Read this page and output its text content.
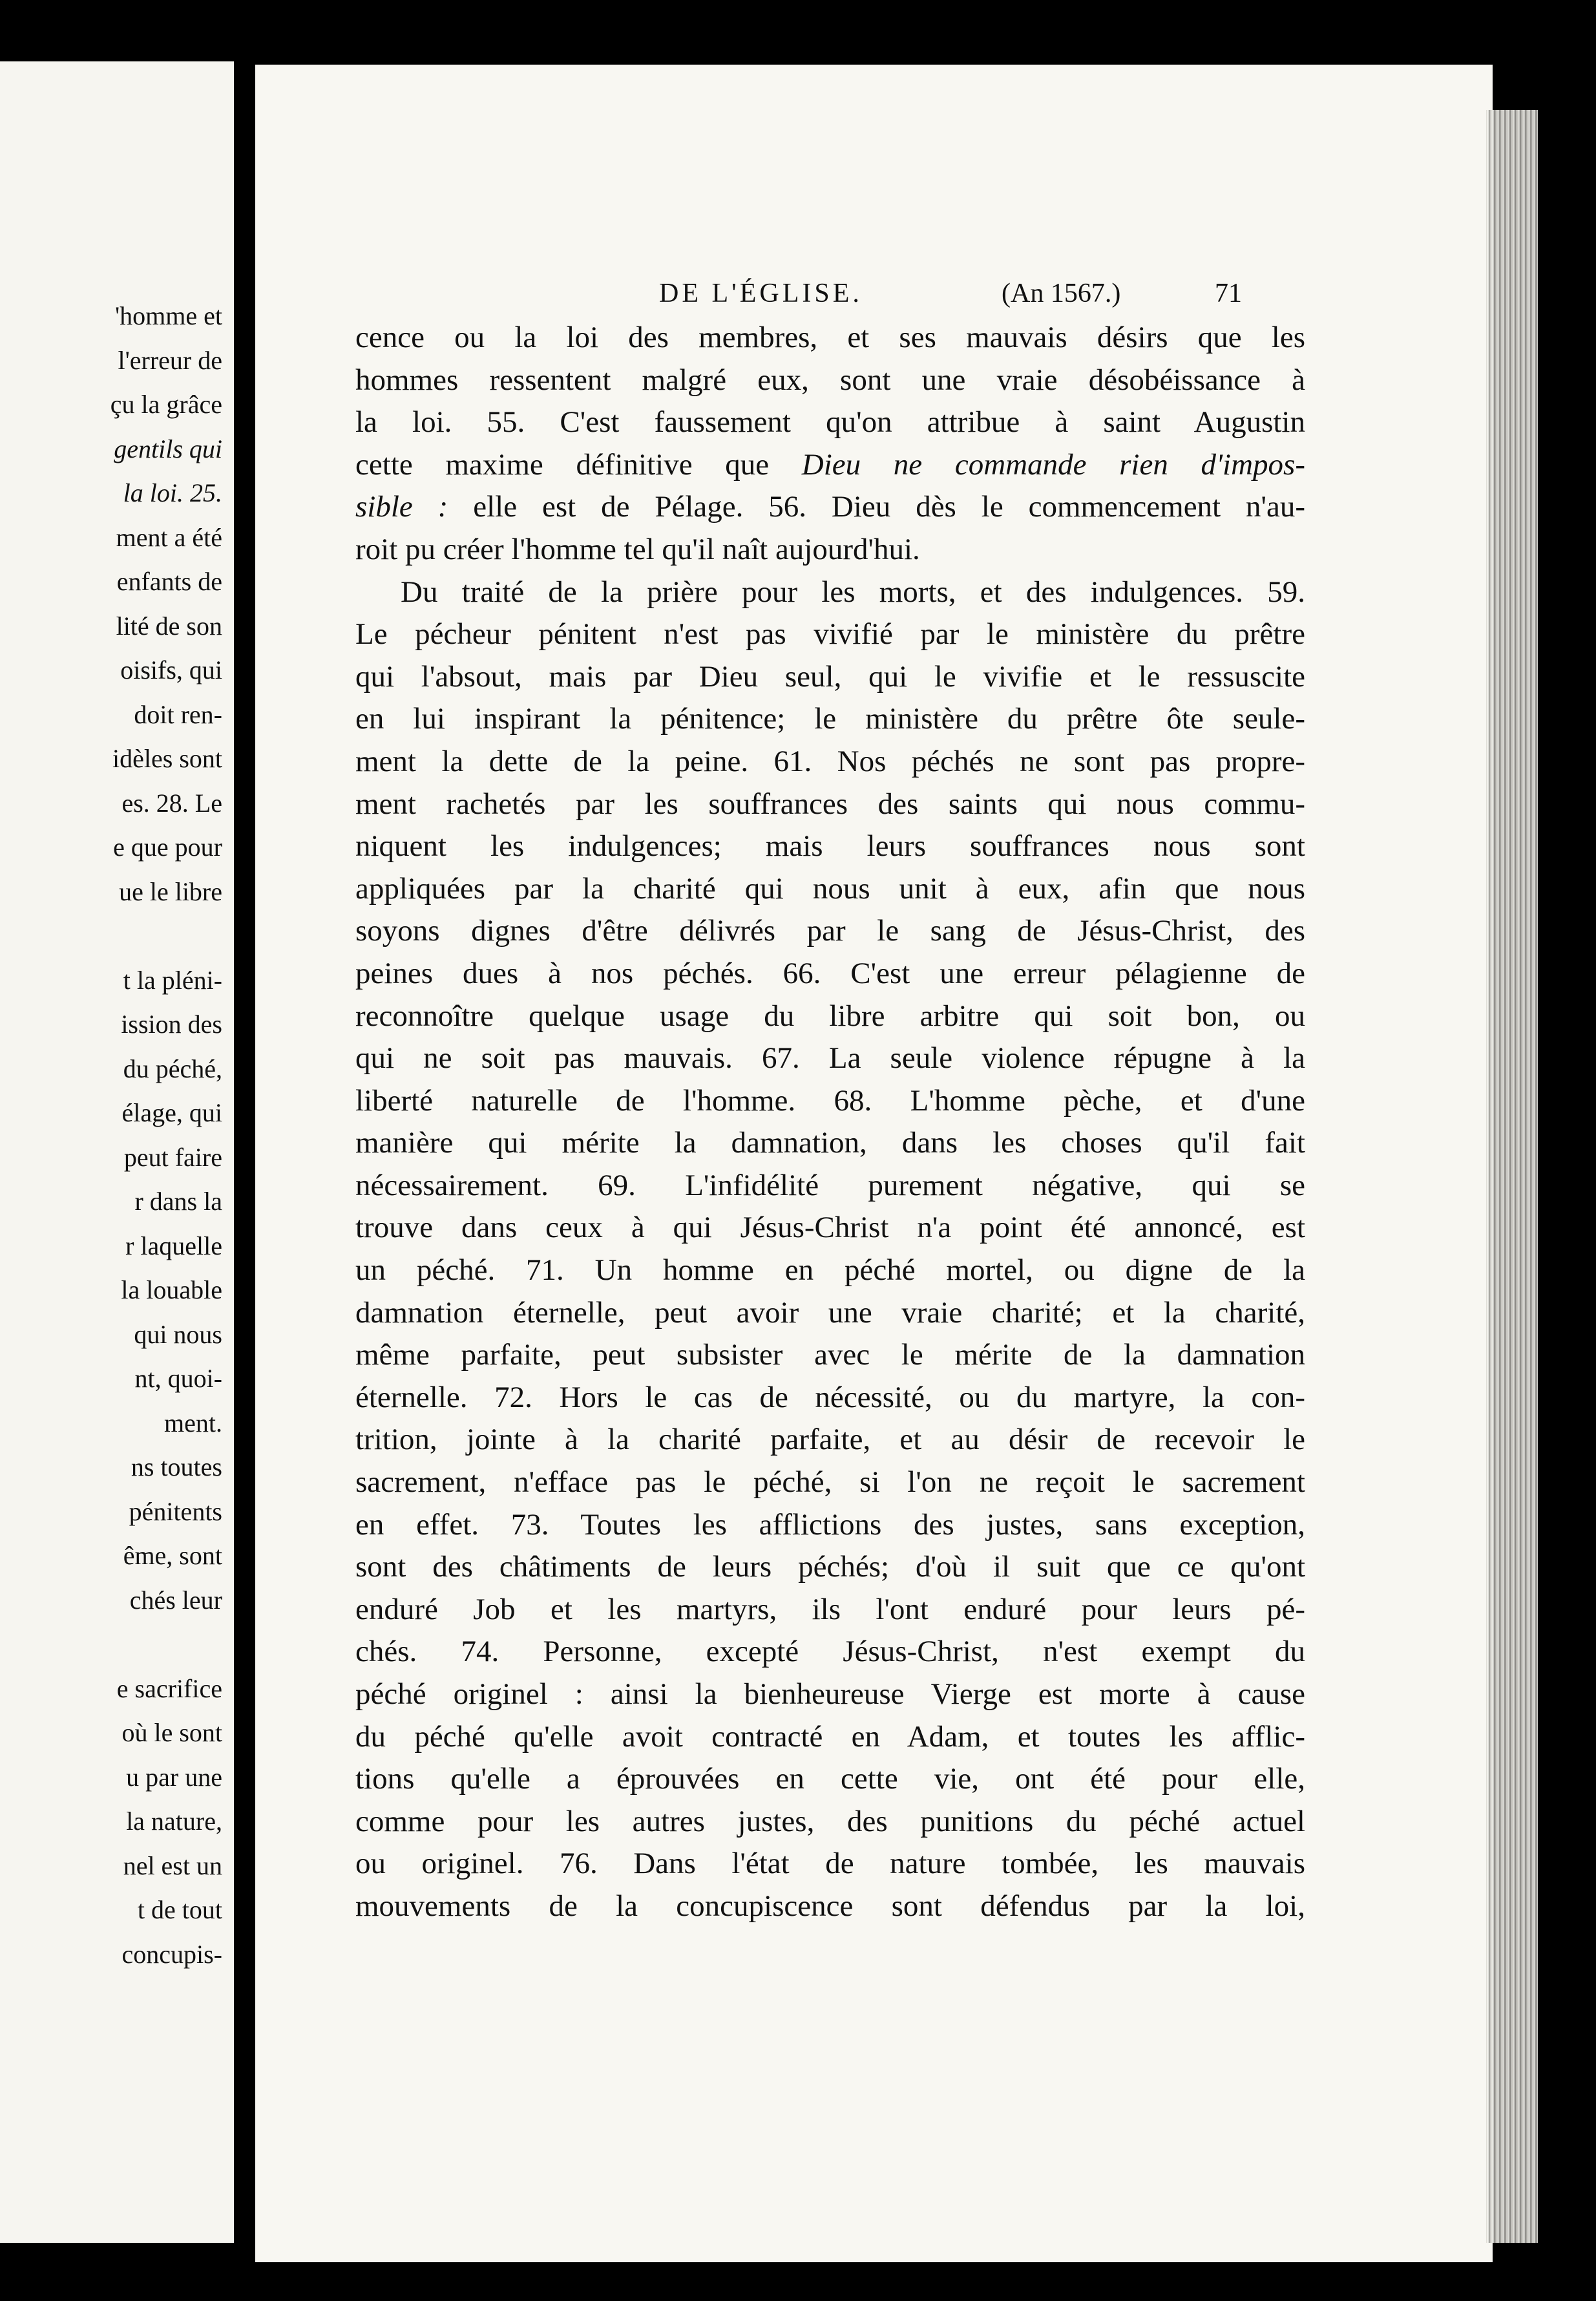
'homme et
l'erreur de
çu la grâce
gentils qui
la loi. 25.
ment a été
enfants de
lité de son
oisifs, qui
doit ren-
idèles sont
es. 28. Le
e que pour
ue le libre
t la pléni-
ission des
du péché,
élage, qui
peut faire
r dans la
r laquelle
la louable
qui nous
nt, quoi-
ment.
ns toutes
pénitents
ême, sont
chés leur
e sacrifice
où le sont
u par une
la nature,
nel est un
t de tout
concupis-
DE L'ÉGLISE.	(An 1567.)	71
cence ou la loi des membres, et ses mauvais désirs que les
hommes ressentent malgré eux, sont une vraie désobéissance à
la loi. 55. C'est faussement qu'on attribue à saint Augustin
cette maxime définitive que Dieu ne commande rien d'impos-
sible : elle est de Pélage. 56. Dieu dès le commencement n'au-
roit pu créer l'homme tel qu'il naît aujourd'hui.
Du traité de la prière pour les morts, et des indulgences. 59.
Le pécheur pénitent n'est pas vivifié par le ministère du prêtre
qui l'absout, mais par Dieu seul, qui le vivifie et le ressuscite
en lui inspirant la pénitence; le ministère du prêtre ôte seule-
ment la dette de la peine. 61. Nos péchés ne sont pas propre-
ment rachetés par les souffrances des saints qui nous commu-
niquent les indulgences; mais leurs souffrances nous sont
appliquées par la charité qui nous unit à eux, afin que nous
soyons dignes d'être délivrés par le sang de Jésus-Christ, des
peines dues à nos péchés. 66. C'est une erreur pélagienne de
reconnoître quelque usage du libre arbitre qui soit bon, ou
qui ne soit pas mauvais. 67. La seule violence répugne à la
liberté naturelle de l'homme. 68. L'homme pèche, et d'une
manière qui mérite la damnation, dans les choses qu'il fait
nécessairement. 69. L'infidélité purement négative, qui se
trouve dans ceux à qui Jésus-Christ n'a point été annoncé, est
un péché. 71. Un homme en péché mortel, ou digne de la
damnation éternelle, peut avoir une vraie charité; et la charité,
même parfaite, peut subsister avec le mérite de la damnation
éternelle. 72. Hors le cas de nécessité, ou du martyre, la con-
trition, jointe à la charité parfaite, et au désir de recevoir le
sacrement, n'efface pas le péché, si l'on ne reçoit le sacrement
en effet. 73. Toutes les afflictions des justes, sans exception,
sont des châtiments de leurs péchés; d'où il suit que ce qu'ont
enduré Job et les martyrs, ils l'ont enduré pour leurs pé-
chés. 74. Personne, excepté Jésus-Christ, n'est exempt du
péché originel : ainsi la bienheureuse Vierge est morte à cause
du péché qu'elle avoit contracté en Adam, et toutes les afflic-
tions qu'elle a éprouvées en cette vie, ont été pour elle,
comme pour les autres justes, des punitions du péché actuel
ou originel. 76. Dans l'état de nature tombée, les mauvais
mouvements de la concupiscence sont défendus par la loi,
